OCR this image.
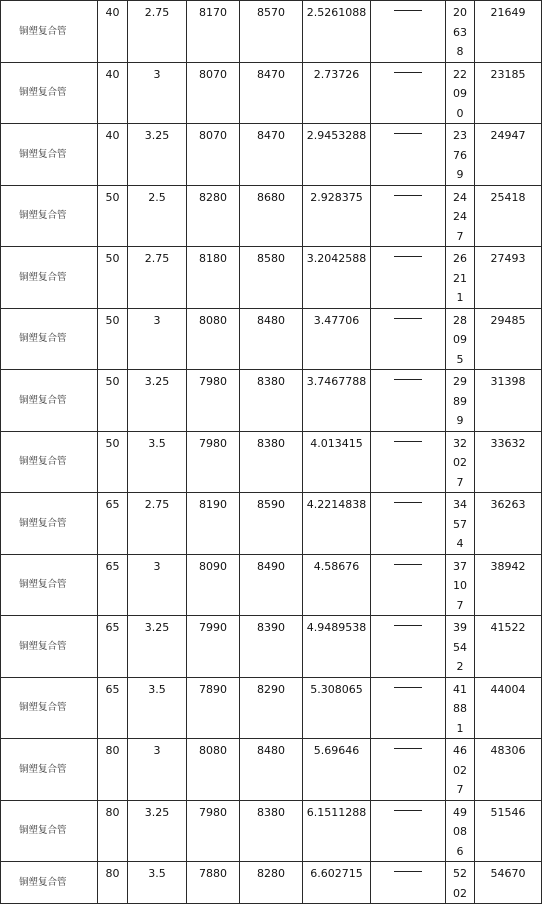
铜塑复合管	40	2.75	8170	8570	2.5261088		20638	21649

铜塑复合管	40	3	8070	8470	2.73726		22090	23185

铜塑复合管	40	3.25	8070	8470	2.9453288		23769	24947

铜塑复合管	50	2.5	8280	8680	2.928375		24247	25418

铜塑复合管	50	2.75	8180	8580	3.2042588		26211	27493

铜塑复合管	50	3	8080	8480	3.47706		28095	29485

铜塑复合管	50	3.25	7980	8380	3.7467788		29899	31398

铜塑复合管	50	3.5	7980	8380	4.013415		32027	33632

铜塑复合管	65	2.75	8190	8590	4.2214838		34574	36263

铜塑复合管	65	3	8090	8490	4.58676		37107	38942

铜塑复合管	65	3.25	7990	8390	4.9489538		39542	41522

铜塑复合管	65	3.5	7890	8290	5.308065		41881	44004

铜塑复合管	80	3	8080	8480	5.69646		46027	48306

铜塑复合管	80	3.25	7980	8380	6.1511288		49086	51546

铜塑复合管	80	3.5	7880	8280	6.602715		5202	54670
